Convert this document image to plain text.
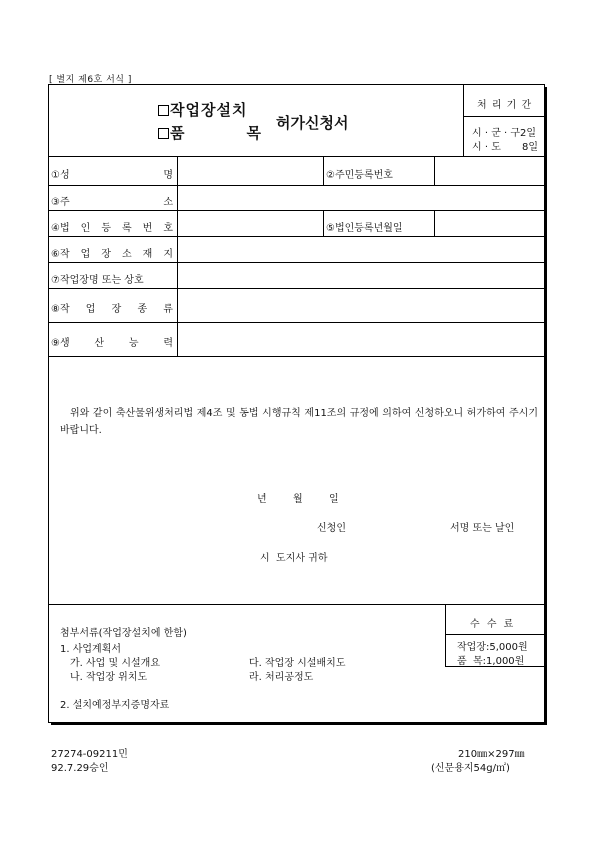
[ 별지 제6호 서식 ]
작업장설치
품	목
허가신청서
처 리 기 간
시 · 군 · 구2일
시 · 도 8일
①성	명	②주민등록번호
③주	소
④법 인 등 록 번 호	⑤법인등록년월일
⑥작 업 장 소 재 지
⑦작업장명 또는 상호
⑧작 업 장 종 류
⑨생 산 능 력
위와 같이 축산물위생처리법 제4조 및 동법 시행규칙 제11조의 규정에 의하여 신청하오니 허가하여 주시기 바랍니다.
년	월	일
신청인	서명 또는 날인
시  도지사 귀하
수 수 료
작업장:5,000원
품  목:1,000원
첨부서류(작업장설치에 한함)
1. 사업계획서
가. 사업 및 시설개요	다. 작업장 시설배치도
나. 작업장 위치도	라. 처리공정도
2. 설치예정부지증명자료
27274-09211민
92.7.29승인
210㎜×297㎜
(신문용지54g/㎡)
